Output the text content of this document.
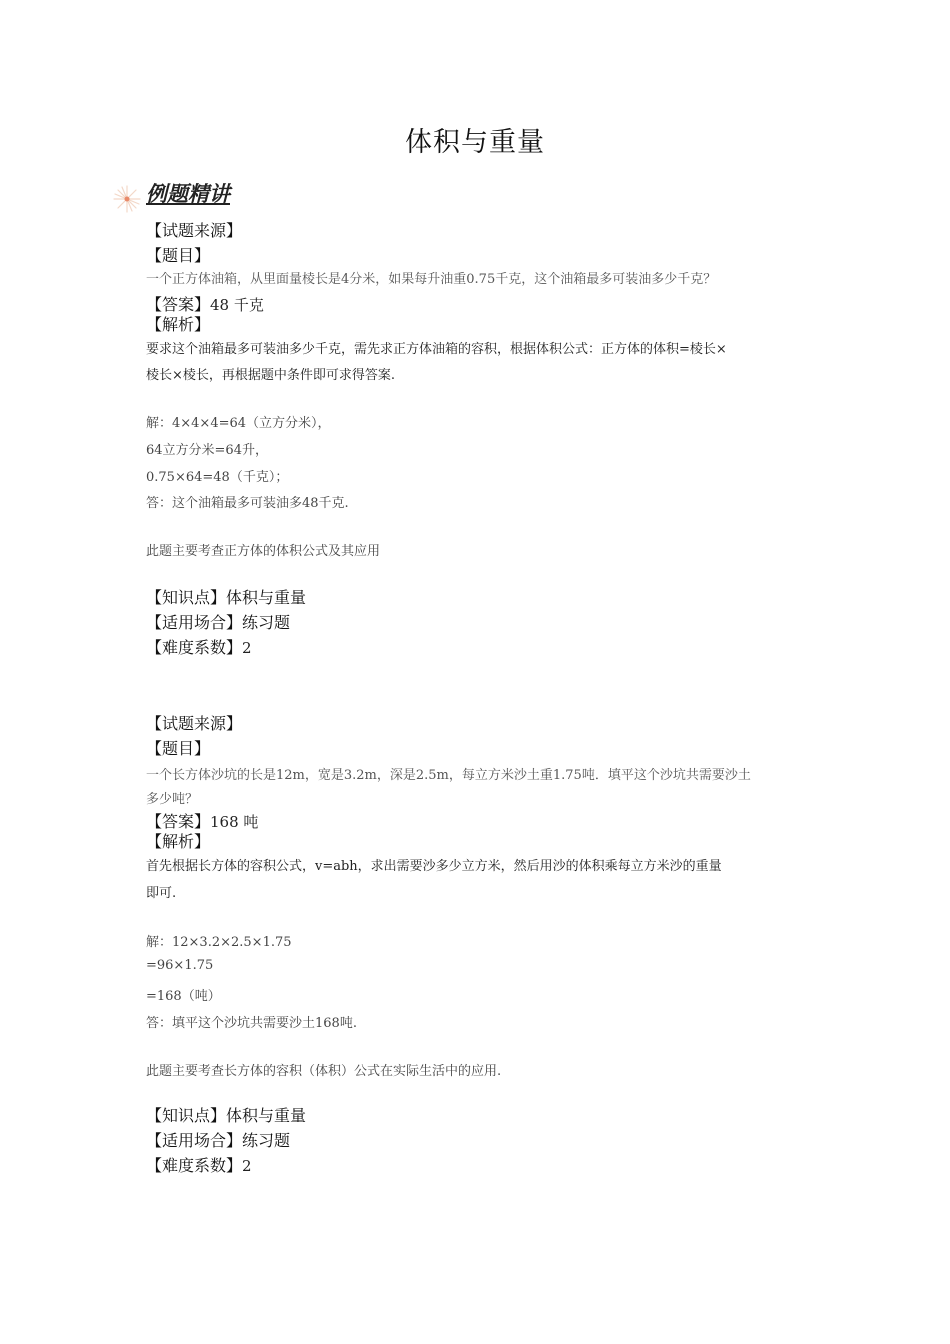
体积与重量
例题精讲
【试题来源】
【题目】
一个正方体油箱，从里面量棱长是4分米，如果每升油重0.75千克，这个油箱最多可装油多少千克？
【答案】48 千克
【解析】
要求这个油箱最多可装油多少千克，需先求正方体油箱的容积，根据体积公式：正方体的体积=棱长×
棱长×棱长，再根据题中条件即可求得答案.
解：4×4×4=64（立方分米），
64立方分米=64升，
0.75×64=48（千克）；
答：这个油箱最多可装油多48千克.
此题主要考查正方体的体积公式及其应用
【知识点】体积与重量
【适用场合】练习题
【难度系数】2
【试题来源】
【题目】
一个长方体沙坑的长是12m，宽是3.2m，深是2.5m，每立方米沙土重1.75吨．填平这个沙坑共需要沙土
多少吨？
【答案】168 吨
【解析】
首先根据长方体的容积公式，v=abh，求出需要沙多少立方米，然后用沙的体积乘每立方米沙的重量
即可.
解：12×3.2×2.5×1.75
=96×1.75
=168（吨）
答：填平这个沙坑共需要沙土168吨.
此题主要考查长方体的容积（体积）公式在实际生活中的应用.
【知识点】体积与重量
【适用场合】练习题
【难度系数】2
